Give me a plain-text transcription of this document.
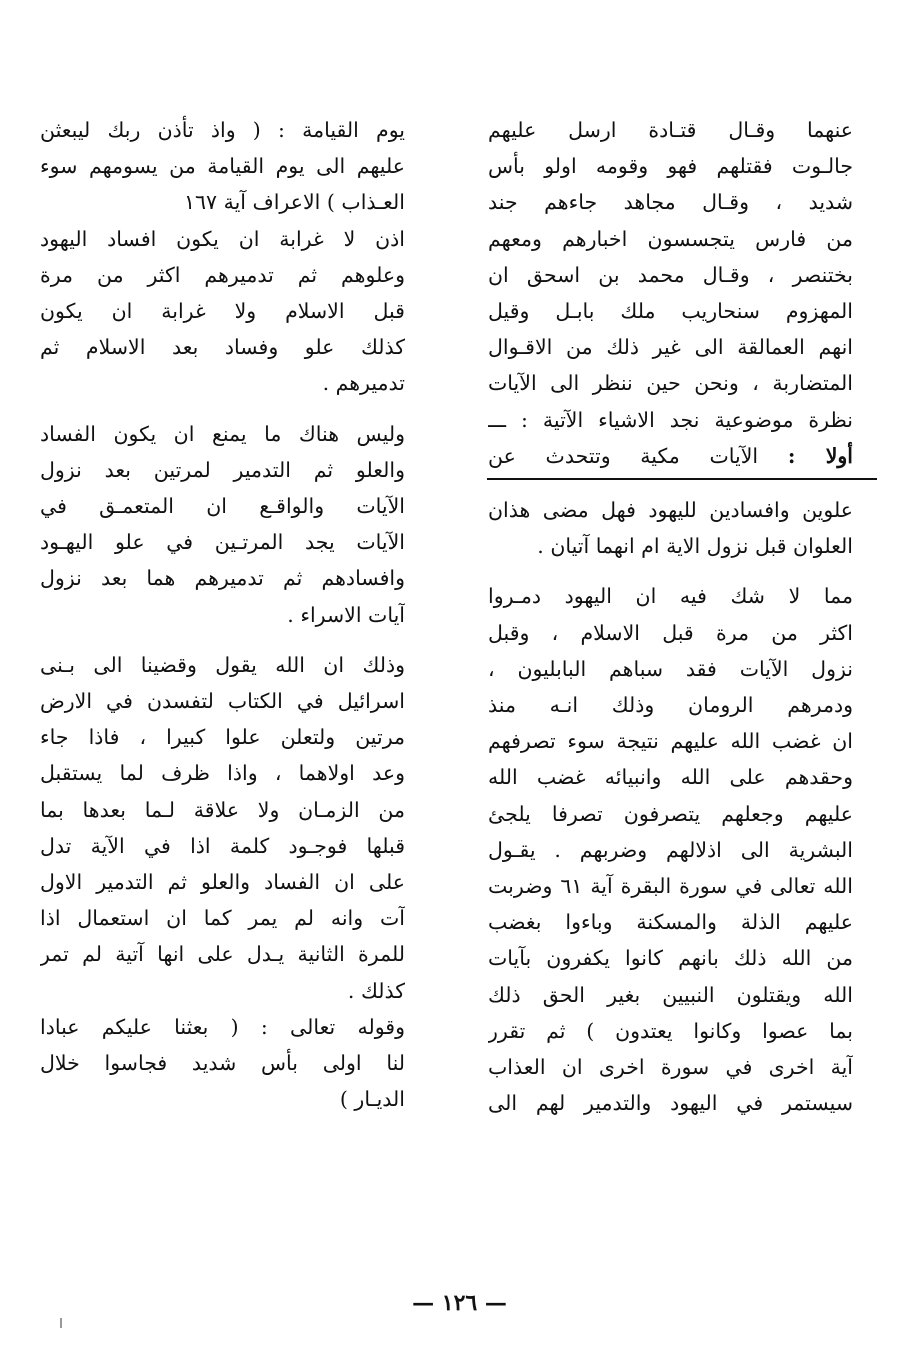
عنهما وقـال قتـادة ارسل عليهم
جالـوت فقتلهم فهو وقومه اولو بأس
شديد ، وقـال مجاهد جاءهم جند
من فارس يتجسسون اخبارهم ومعهم
بختنصر ، وقـال محمد بن اسحق ان
المهزوم سنحاريب ملك بابـل وقيل
انهم العمالقة الى غير ذلك من الاقـوال
المتضاربة ، ونحن حين ننظر الى الآيات
نظرة موضوعية نجد الاشياء الآتية : ـــ
أولا : الآيات مكية وتتحدث عن
علوين وافسادين لليهود فهل مضى هذان
العلوان قبل نزول الاية ام انهما آتيان .
مما لا شك فيه ان اليهود دمـروا
اكثر من مرة قبل الاسلام ، وقبل
نزول الآيات فقد سباهم البابليون ،
ودمرهم الرومان وذلك انـه منذ
ان غضب الله عليهم نتيجة سوء تصرفهم
وحقدهم على الله وانبيائه غضب الله
عليهم وجعلهم يتصرفون تصرفا يلجئ
البشرية الى اذلالهم وضربهم . يقـول
الله تعالى في سورة البقرة آية ٦١ وضربت
عليهم الذلة والمسكنة وباءوا بغضب
من الله ذلك بانهم كانوا يكفرون بآيات
الله ويقتلون النبيين بغير الحق ذلك
بما عصوا وكانوا يعتدون ) ثم تقرر
آية اخرى في سورة اخرى ان العذاب
سيستمر في اليهود والتدمير لهم الى
يوم القيامة : ( واذ تأذن ربك ليبعثن
عليهم الى يوم القيامة من يسومهم سوء
العـذاب ) الاعراف آية ١٦٧
اذن لا غرابة ان يكون افساد اليهود
وعلوهم ثم تدميرهم اكثر من مرة
قبل الاسلام ولا غرابة ان يكون
كذلك علو وفساد بعد الاسلام ثم
تدميرهم .
وليس هناك ما يمنع ان يكون الفساد
والعلو ثم التدمير لمرتين بعد نزول
الآيات والواقـع ان المتعمـق في
الآيات يجد المرتـين في علو اليهـود
وافسادهم ثم تدميرهم هما بعد نزول
آيات الاسراء .
وذلك ان الله يقول وقضينا الى بـنى
اسرائيل في الكتاب لتفسدن في الارض
مرتين ولتعلن علوا كبيرا ، فاذا جاء
وعد اولاهما ، واذا ظرف لما يستقبل
من الزمـان ولا علاقة لـما بعدها بما
قبلها فوجـود كلمة اذا في الآية تدل
على ان الفساد والعلو ثم التدمير الاول
آت وانه لم يمر كما ان استعمال اذا
للمرة الثانية يـدل على انها آتية لم تمر
كذلك .
وقوله تعالى : ( بعثنا عليكم عبادا
لنا اولى بأس شديد فجاسوا خلال
الديـار )
— ١٢٦ —
